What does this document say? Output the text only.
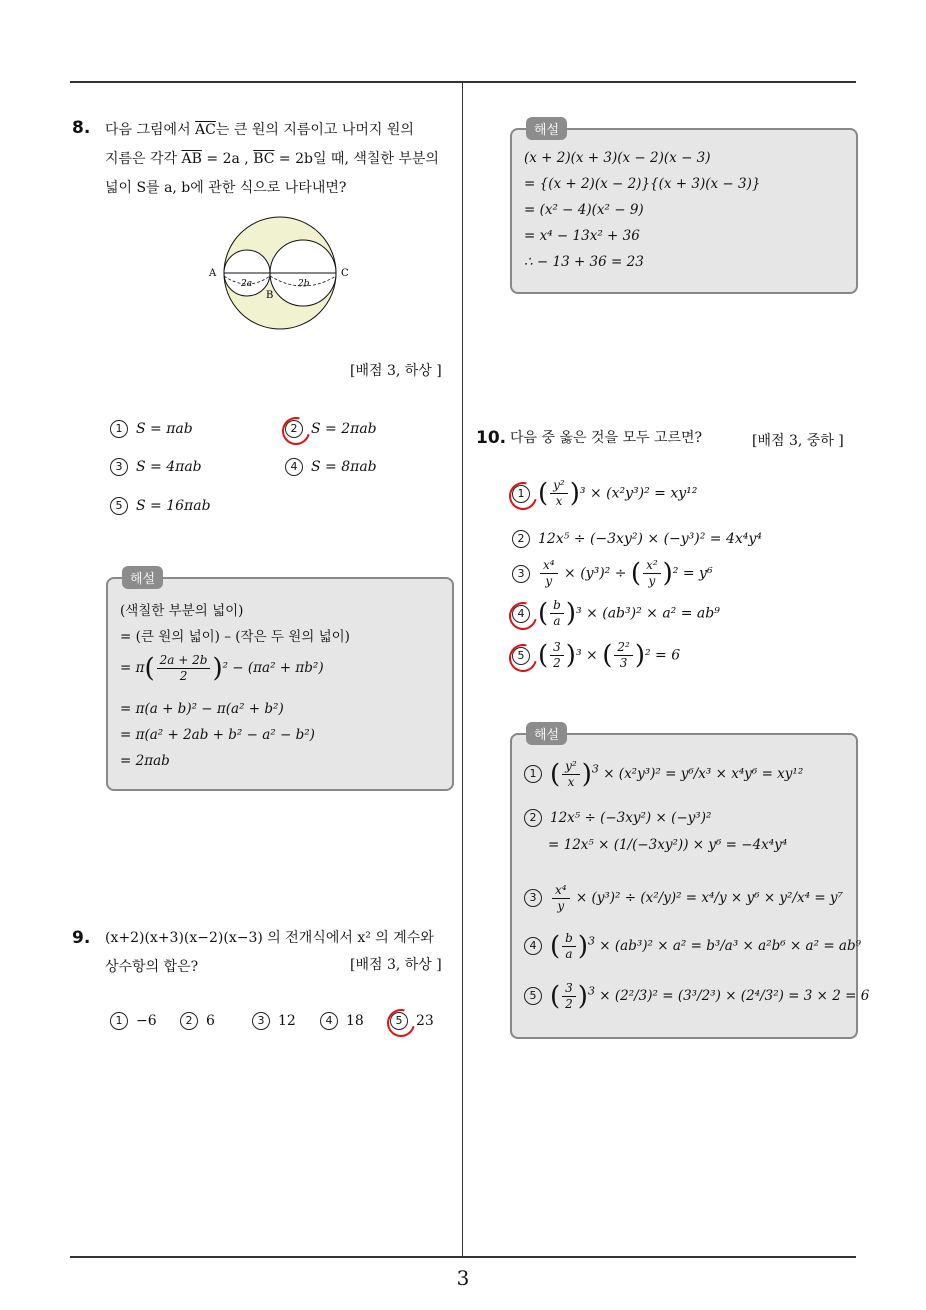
3
8. 다음 그림에서 $\overline{AC}$는 큰 원의 지름이고 나머지 원의
지름은 각각 $\overline{AB} = 2a$ , $\overline{BC} = 2b$일 때, 색칠한 부분의
넓이 S를 a, b에 관한 식으로 나타내면?
A
B
C
2a	2b
[배점 3, 하상 ]
1 S = πab	2 S = 2πab
3 S = 4πab	4 S = 8πab
5 S = 16πab
해설
(색칠한 부분의 넓이)
= (큰 원의 넓이) – (작은 두 원의 넓이)
= $\pi( \frac{2a + 2b}{2} )^2 - (\pi a^2 + \pi b^2)$
= π(a + b)² − π(a² + b²)
= π(a² + 2ab + b² − a² − b²)
= 2πab
9. (x+2)(x+3)(x−2)(x−3) 의 전개식에서 x² 의 계수와
상수항의 합은?	[배점 3, 하상 ]
1 −6	2 6	3 12	4 18	5 23
해설
(x + 2)(x + 3)(x − 2)(x − 3)
= {(x + 2)(x − 2)}{(x + 3)(x − 3)}
= (x² − 4)(x² − 9)
= x⁴ − 13x² + 36
∴ − 13 + 36 = 23
10. 다음 중 옳은 것을 모두 고르면?	[배점 3, 중하 ]
1 ( $\frac{\text{y²}}{x} )^3 \times (x^2y^3)^2 = xy^{12}$
2 12x⁵ ÷ (−3xy²) × (−y³)² = 4x⁴y⁴
$3 \frac{\text{x⁴}}{y} \times (y^3)^2$ ÷ ( $\frac{\text{x²}}{y} )^2 = y^6$
4 ( $\frac{b}{a} )^3 \times (ab^3)^2 \times a^2 = ab^9$
5 ( $\frac{3}{2} )^3$ × ( $\frac{\text{2²}}{3} )^2 = 6$
해설
1 ( $\frac{\text{y²}}{x} )^3 \times (x^2y^3)^2 = y^6/x^3 \times x^4y^6 = xy^{12}$
2 12x⁵ ÷ (−3xy²) × (−y³)²
= 12x⁵ × (1/(−3xy²)) × y⁶ = −4x⁴y⁴
$3 \frac{\text{x⁴}}{y} \times (y^3)^2 \div (x^2/y)^2 = x^4/y \times y^6 \times y^2/x^4 = y^7$
4 ( $\frac{b}{a} )^3 \times (ab^3)^2 \times a^2 = b^3/a^3 \times a^2b^6 \times a^2 = ab^9$
5 ( $\frac{3}{2} )^3 \times (2^2/3)^2 = (3^3/2^3) \times (2^4/3^2) = 3 \times 2 = 6$
